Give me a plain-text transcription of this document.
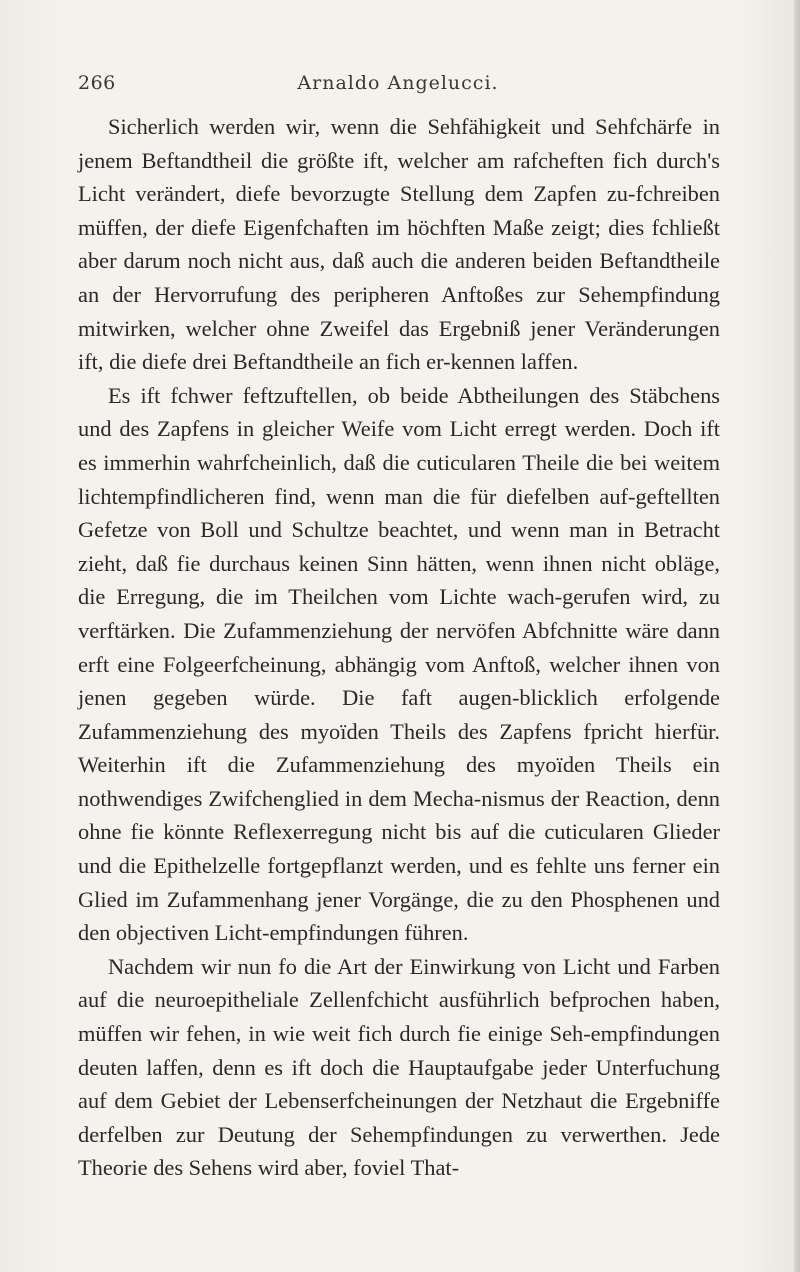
266	Arnaldo Angelucci.

Sicherlich werden wir, wenn die Sehfähigkeit und Sehfchärfe in jenem Beftandtheil die größte ift, welcher am rafcheften fich durch's Licht verändert, diefe bevorzugte Stellung dem Zapfen zu-fchreiben müffen, der diefe Eigenfchaften im höchften Maße zeigt; dies fchließt aber darum noch nicht aus, daß auch die anderen beiden Beftandtheile an der Hervorrufung des peripheren Anftoßes zur Sehempfindung mitwirken, welcher ohne Zweifel das Ergebniß jener Veränderungen ift, die diefe drei Beftandtheile an fich er-kennen laffen.

Es ift fchwer feftzuftellen, ob beide Abtheilungen des Stäbchens und des Zapfens in gleicher Weife vom Licht erregt werden. Doch ift es immerhin wahrfcheinlich, daß die cuticularen Theile die bei weitem lichtempfindlicheren find, wenn man die für diefelben auf-geftellten Gefetze von Boll und Schultze beachtet, und wenn man in Betracht zieht, daß fie durchaus keinen Sinn hätten, wenn ihnen nicht obläge, die Erregung, die im Theilchen vom Lichte wach-gerufen wird, zu verftärken. Die Zufammenziehung der nervöfen Abfchnitte wäre dann erft eine Folgeerfcheinung, abhängig vom Anftoß, welcher ihnen von jenen gegeben würde. Die faft augen-blicklich erfolgende Zufammenziehung des myoïden Theils des Zapfens fpricht hierfür. Weiterhin ift die Zufammenziehung des myoïden Theils ein nothwendiges Zwifchenglied in dem Mecha-nismus der Reaction, denn ohne fie könnte Reflexerregung nicht bis auf die cuticularen Glieder und die Epithelzelle fortgepflanzt werden, und es fehlte uns ferner ein Glied im Zufammenhang jener Vorgänge, die zu den Phosphenen und den objectiven Licht-empfindungen führen.

Nachdem wir nun fo die Art der Einwirkung von Licht und Farben auf die neuroepitheliale Zellenfchicht ausführlich befprochen haben, müffen wir fehen, in wie weit fich durch fie einige Seh-empfindungen deuten laffen, denn es ift doch die Hauptaufgabe jeder Unterfuchung auf dem Gebiet der Lebenserfcheinungen der Netzhaut die Ergebniffe derfelben zur Deutung der Sehempfindungen zu verwerthen. Jede Theorie des Sehens wird aber, foviel That-
